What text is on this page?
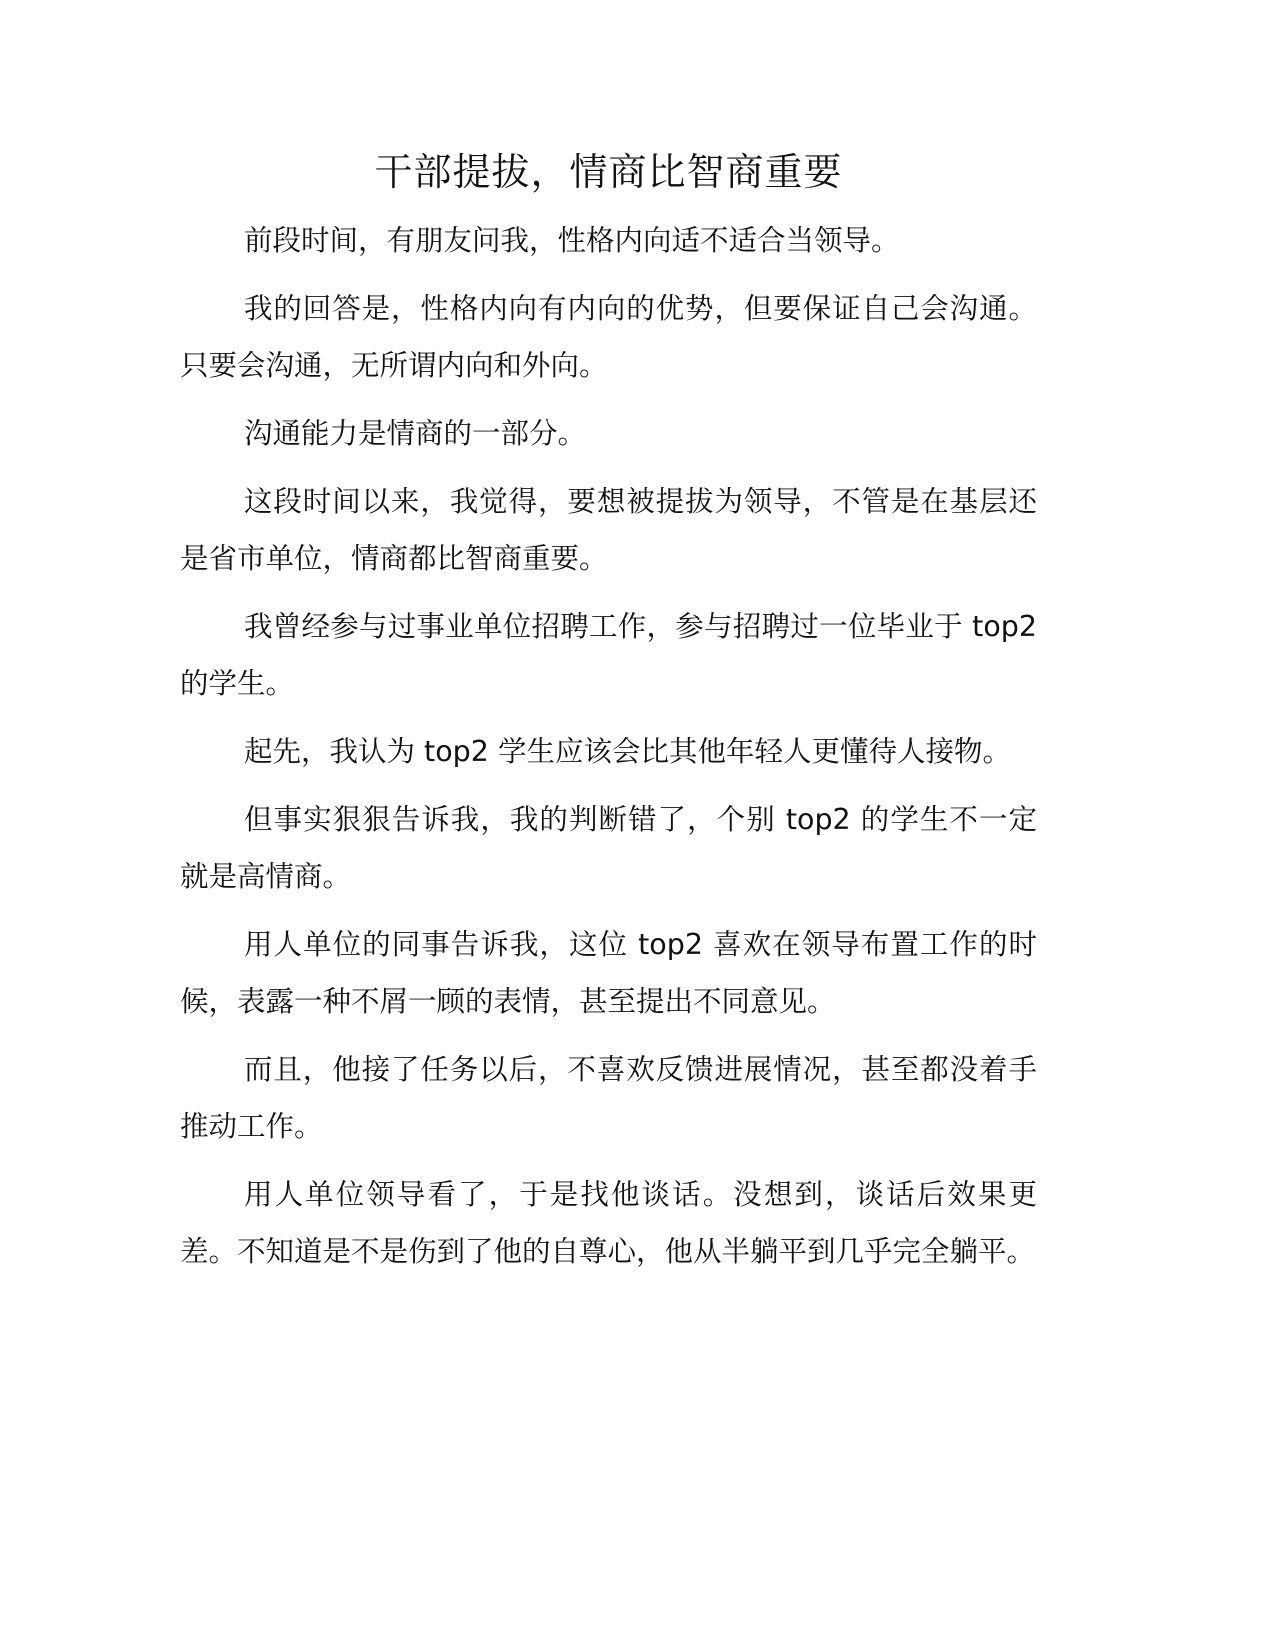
干部提拔，情商比智商重要

前段时间，有朋友问我，性格内向适不适合当领导。

我的回答是，性格内向有内向的优势，但要保证自己会沟通。只要会沟通，无所谓内向和外向。

沟通能力是情商的一部分。

这段时间以来，我觉得，要想被提拔为领导，不管是在基层还是省市单位，情商都比智商重要。

我曾经参与过事业单位招聘工作，参与招聘过一位毕业于 top2 的学生。

起先，我认为 top2 学生应该会比其他年轻人更懂待人接物。

但事实狠狠告诉我，我的判断错了，个别 top2 的学生不一定就是高情商。

用人单位的同事告诉我，这位 top2 喜欢在领导布置工作的时候，表露一种不屑一顾的表情，甚至提出不同意见。

而且，他接了任务以后，不喜欢反馈进展情况，甚至都没着手推动工作。

用人单位领导看了，于是找他谈话。没想到，谈话后效果更差。不知道是不是伤到了他的自尊心，他从半躺平到几乎完全躺平。
